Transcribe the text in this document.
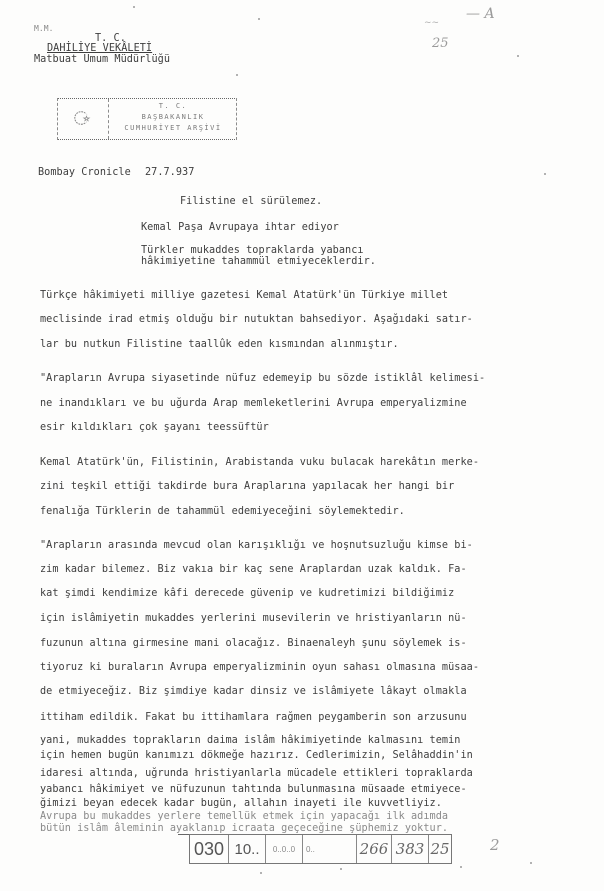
M.M.
T. C.
DAHİLİYE VEKÂLETİ
Matbuat Umum Müdürlüğü
— A
25
~~
T. C.
BAŞBAKANLIK
CUMHURİYET ARŞİVİ
Bombay Cronicle 27.7.937
Filistine el sürülemez.
Kemal Paşa Avrupaya ihtar ediyor
Türkler mukaddes topraklarda yabancı
hâkimiyetine tahammül etmiyeceklerdir.
Türkçe hâkimiyeti milliye gazetesi Kemal Atatürk'ün Türkiye millet
meclisinde irad etmiş olduğu bir nutuktan bahsediyor. Aşağıdaki satır-
lar bu nutkun Filistine taallûk eden kısmından alınmıştır.
"Arapların Avrupa siyasetinde nüfuz edemeyip bu sözde istiklâl kelimesi-
ne inandıkları ve bu uğurda Arap memleketlerini Avrupa emperyalizmine
esir kıldıkları çok şayanı teessüftür
Kemal Atatürk'ün, Filistinin, Arabistanda vuku bulacak harekâtın merke-
zini teşkil ettiği takdirde bura Araplarına yapılacak her hangi bir
fenalığa Türklerin de tahammül edemiyeceğini söylemektedir.
"Arapların arasında mevcud olan karışıklığı ve hoşnutsuzluğu kimse bi-
zim kadar bilemez. Biz vakıa bir kaç sene Araplardan uzak kaldık. Fa-
kat şimdi kendimize kâfi derecede güvenip ve kudretimizi bildiğimiz
için islâmiyetin mukaddes yerlerini musevilerin ve hristiyanların nü-
fuzunun altına girmesine mani olacağız. Binaenaleyh şunu söylemek is-
tiyoruz ki buraların Avrupa emperyalizminin oyun sahası olmasına müsaa-
de etmiyeceğiz. Biz şimdiye kadar dinsiz ve islâmiyete lâkayt olmakla
ittiham edildik. Fakat bu ittihamlara rağmen peygamberin son arzusunu
yani, mukaddes toprakların daima islâm hâkimiyetinde kalmasını temin
için hemen bugün kanımızı dökmeğe hazırız. Cedlerimizin, Selâhaddin'in
idaresi altında, uğrunda hristiyanlarla mücadele ettikleri topraklarda
yabancı hâkimiyet ve nüfuzunun tahtında bulunmasına müsaade etmiyece-
ğimizi beyan edecek kadar bugün, allahın inayeti ile kuvvetliyiz.
Avrupa bu mukaddes yerlere temellük etmek için yapacağı ilk adımda
bütün islâm âleminin ayaklanıp icraata geçeceğine şüphemiz yoktur.
030 10..	0..0..0	0..	266 383 25	2
